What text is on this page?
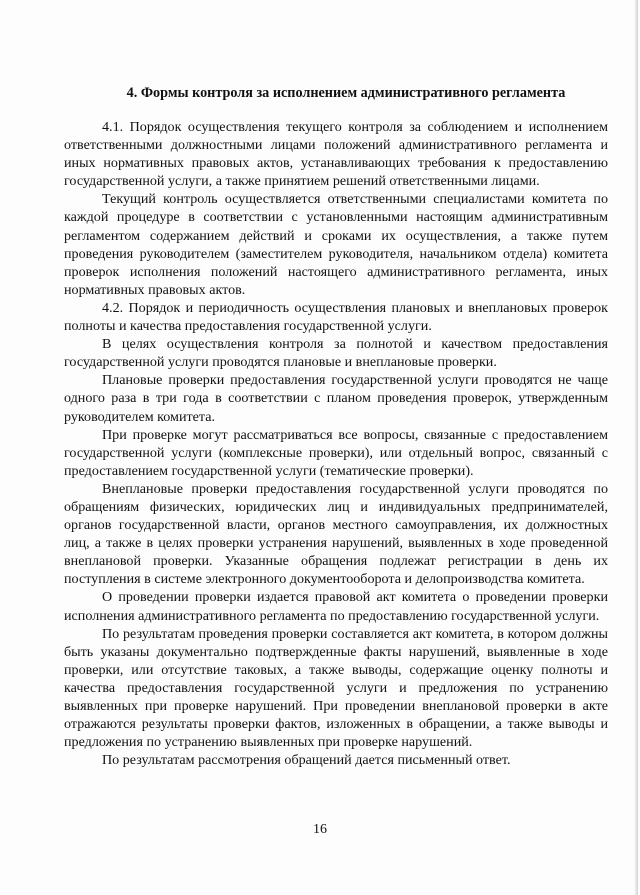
4. Формы контроля за исполнением административного регламента

4.1. Порядок осуществления текущего контроля за соблюдением и исполнением ответственными должностными лицами положений административного регламента и иных нормативных правовых актов, устанавливающих требования к предоставлению государственной услуги, а также принятием решений ответственными лицами.

Текущий контроль осуществляется ответственными специалистами комитета по каждой процедуре в соответствии с установленными настоящим административным регламентом содержанием действий и сроками их осуществления, а также путем проведения руководителем (заместителем руководителя, начальником отдела) комитета проверок исполнения положений настоящего административного регламента, иных нормативных правовых актов.

4.2. Порядок и периодичность осуществления плановых и внеплановых проверок полноты и качества предоставления государственной услуги.

В целях осуществления контроля за полнотой и качеством предоставления государственной услуги проводятся плановые и внеплановые проверки.

Плановые проверки предоставления государственной услуги проводятся не чаще одного раза в три года в соответствии с планом проведения проверок, утвержденным руководителем комитета.

При проверке могут рассматриваться все вопросы, связанные с предоставлением государственной услуги (комплексные проверки), или отдельный вопрос, связанный с предоставлением государственной услуги (тематические проверки).

Внеплановые проверки предоставления государственной услуги проводятся по обращениям физических, юридических лиц и индивидуальных предпринимателей, органов государственной власти, органов местного самоуправления, их должностных лиц, а также в целях проверки устранения нарушений, выявленных в ходе проведенной внеплановой проверки. Указанные обращения подлежат регистрации в день их поступления в системе электронного документооборота и делопроизводства комитета.

О проведении проверки издается правовой акт комитета о проведении проверки исполнения административного регламента по предоставлению государственной услуги.

По результатам проведения проверки составляется акт комитета, в котором должны быть указаны документально подтвержденные факты нарушений, выявленные в ходе проверки, или отсутствие таковых, а также выводы, содержащие оценку полноты и качества предоставления государственной услуги и предложения по устранению выявленных при проверке нарушений. При проведении внеплановой проверки в акте отражаются результаты проверки фактов, изложенных в обращении, а также выводы и предложения по устранению выявленных при проверке нарушений.

По результатам рассмотрения обращений дается письменный ответ.

16
